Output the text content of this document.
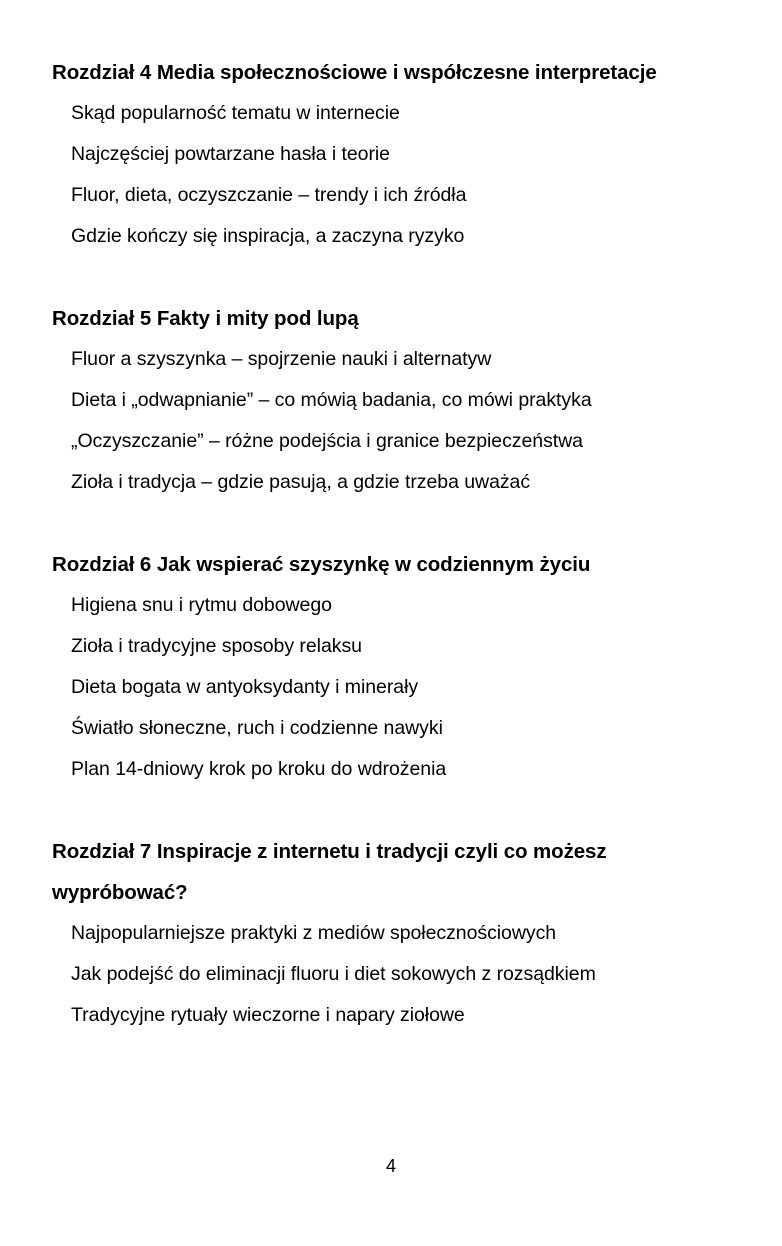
Rozdział 4 Media społecznościowe i współczesne interpretacje
Skąd popularność tematu w internecie
Najczęściej powtarzane hasła i teorie
Fluor, dieta, oczyszczanie – trendy i ich źródła
Gdzie kończy się inspiracja, a zaczyna ryzyko
Rozdział 5 Fakty i mity pod lupą
Fluor a szyszynka – spojrzenie nauki i alternatyw
Dieta i „odwapnianie” – co mówią badania, co mówi praktyka
„Oczyszczanie” – różne podejścia i granice bezpieczeństwa
Zioła i tradycja – gdzie pasują, a gdzie trzeba uważać
Rozdział 6 Jak wspierać szyszynkę w codziennym życiu
Higiena snu i rytmu dobowego
Zioła i tradycyjne sposoby relaksu
Dieta bogata w antyoksydanty i minerały
Światło słoneczne, ruch i codzienne nawyki
Plan 14-dniowy krok po kroku do wdrożenia
Rozdział 7 Inspiracje z internetu i tradycji czyli co możesz wypróbować?
Najpopularniejsze praktyki z mediów społecznościowych
Jak podejść do eliminacji fluoru i diet sokowych z rozsądkiem
Tradycyjne rytuały wieczorne i napary ziołowe
4
